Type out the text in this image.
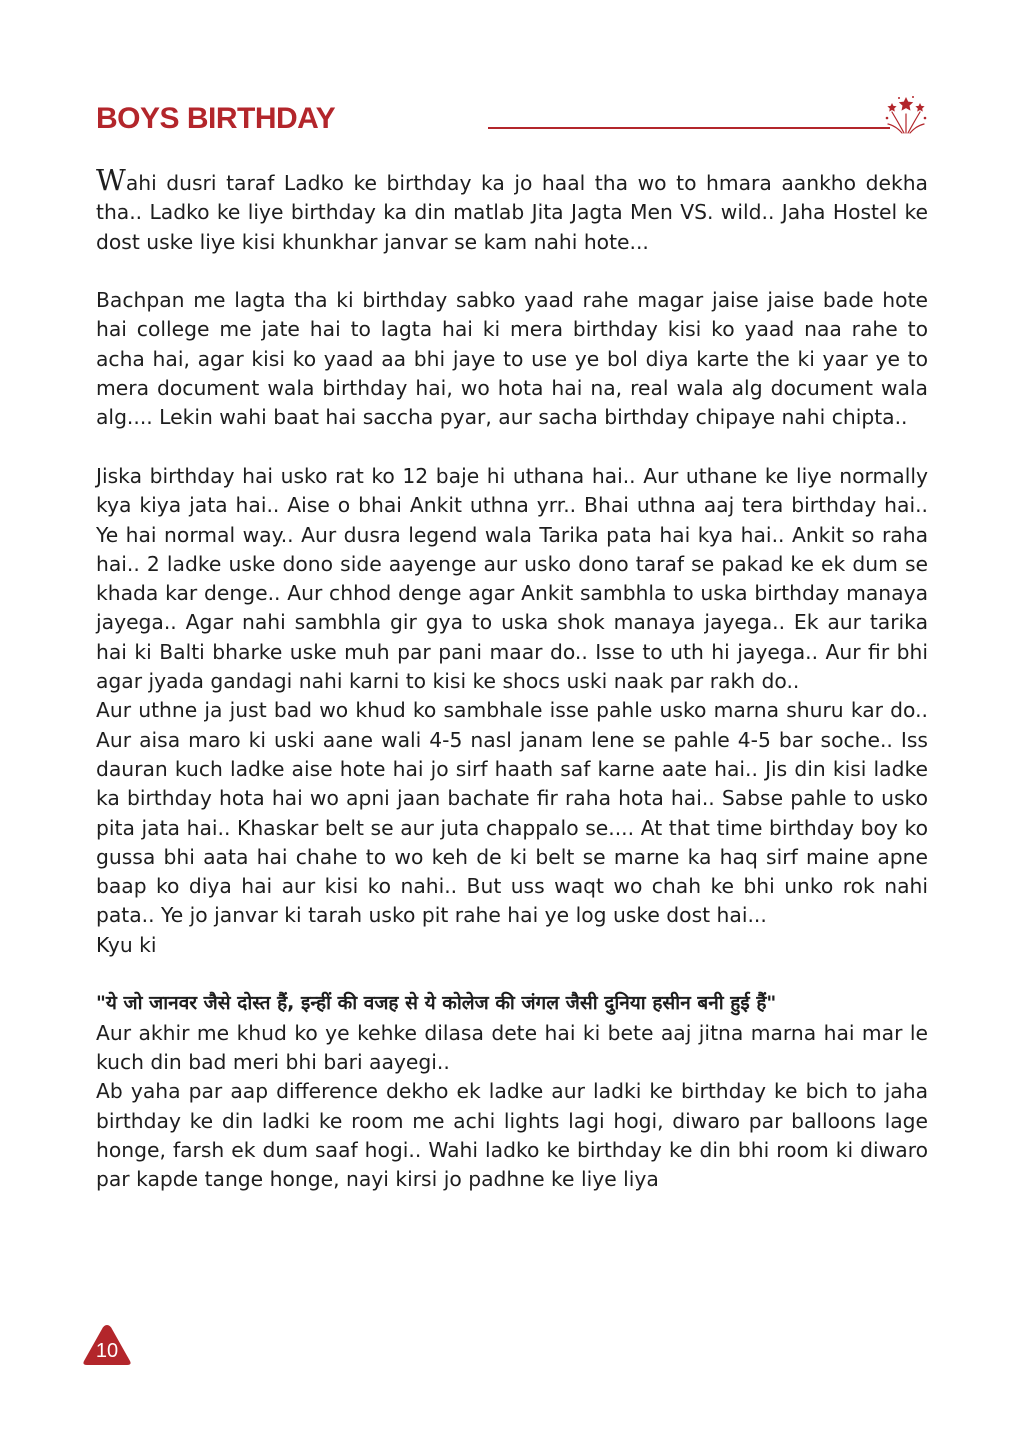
BOYS BIRTHDAY

Wahi dusri taraf Ladko ke birthday ka jo haal tha wo to hmara aankho dekha tha.. Ladko ke liye birthday ka din matlab Jita Jagta Men VS. wild.. Jaha Hostel ke dost uske liye kisi khunkhar janvar se kam nahi hote...

Bachpan me lagta tha ki birthday sabko yaad rahe magar jaise jaise bade hote hai college me jate hai to lagta hai ki mera birthday kisi ko yaad naa rahe to acha hai, agar kisi ko yaad aa bhi jaye to use ye bol diya karte the ki yaar ye to mera document wala birthday hai, wo hota hai na, real wala alg document wala alg.... Lekin wahi baat hai saccha pyar, aur sacha birthday chipaye nahi chipta..

Jiska birthday hai usko rat ko 12 baje hi uthana hai.. Aur uthane ke liye normally kya kiya jata hai.. Aise o bhai Ankit uthna yrr.. Bhai uthna aaj tera birthday hai.. Ye hai normal way.. Aur dusra legend wala Tarika pata hai kya hai.. Ankit so raha hai.. 2 ladke uske dono side aayenge aur usko dono taraf se pakad ke ek dum se khada kar denge.. Aur chhod denge agar Ankit sambhla to uska birthday manaya jayega.. Agar nahi sambhla gir gya to uska shok manaya jayega.. Ek aur tarika hai ki Balti bharke uske muh par pani maar do.. Isse to uth hi jayega.. Aur fir bhi agar jyada gandagi nahi karni to kisi ke shocs uski naak par rakh do..

Aur uthne ja just bad wo khud ko sambhale isse pahle usko marna shuru kar do.. Aur aisa maro ki uski aane wali 4-5 nasl janam lene se pahle 4-5 bar soche.. Iss dauran kuch ladke aise hote hai jo sirf haath saf karne aate hai.. Jis din kisi ladke ka birthday hota hai wo apni jaan bachate fir raha hota hai.. Sabse pahle to usko pita jata hai.. Khaskar belt se aur juta chappalo se.... At that time birthday boy ko gussa bhi aata hai chahe to wo keh de ki belt se marne ka haq sirf maine apne baap ko diya hai aur kisi ko nahi.. But uss waqt wo chah ke bhi unko rok nahi pata.. Ye jo janvar ki tarah usko pit rahe hai ye log uske dost hai...

Kyu ki

"ये जो जानवर जैसे दोस्त हैं, इन्हीं की वजह से ये कोलेज की जंगल जैसी दुनिया हसीन बनी हुई हैं"

Aur akhir me khud ko ye kehke dilasa dete hai ki bete aaj jitna marna hai mar le kuch din bad meri bhi bari aayegi..

Ab yaha par aap difference dekho ek ladke aur ladki ke birthday ke bich to jaha birthday ke din ladki ke room me achi lights lagi hogi, diwaro par balloons lage honge, farsh ek dum saaf hogi.. Wahi ladko ke birthday ke din bhi room ki diwaro par kapde tange honge, nayi kirsi jo padhne ke liye liya

10
